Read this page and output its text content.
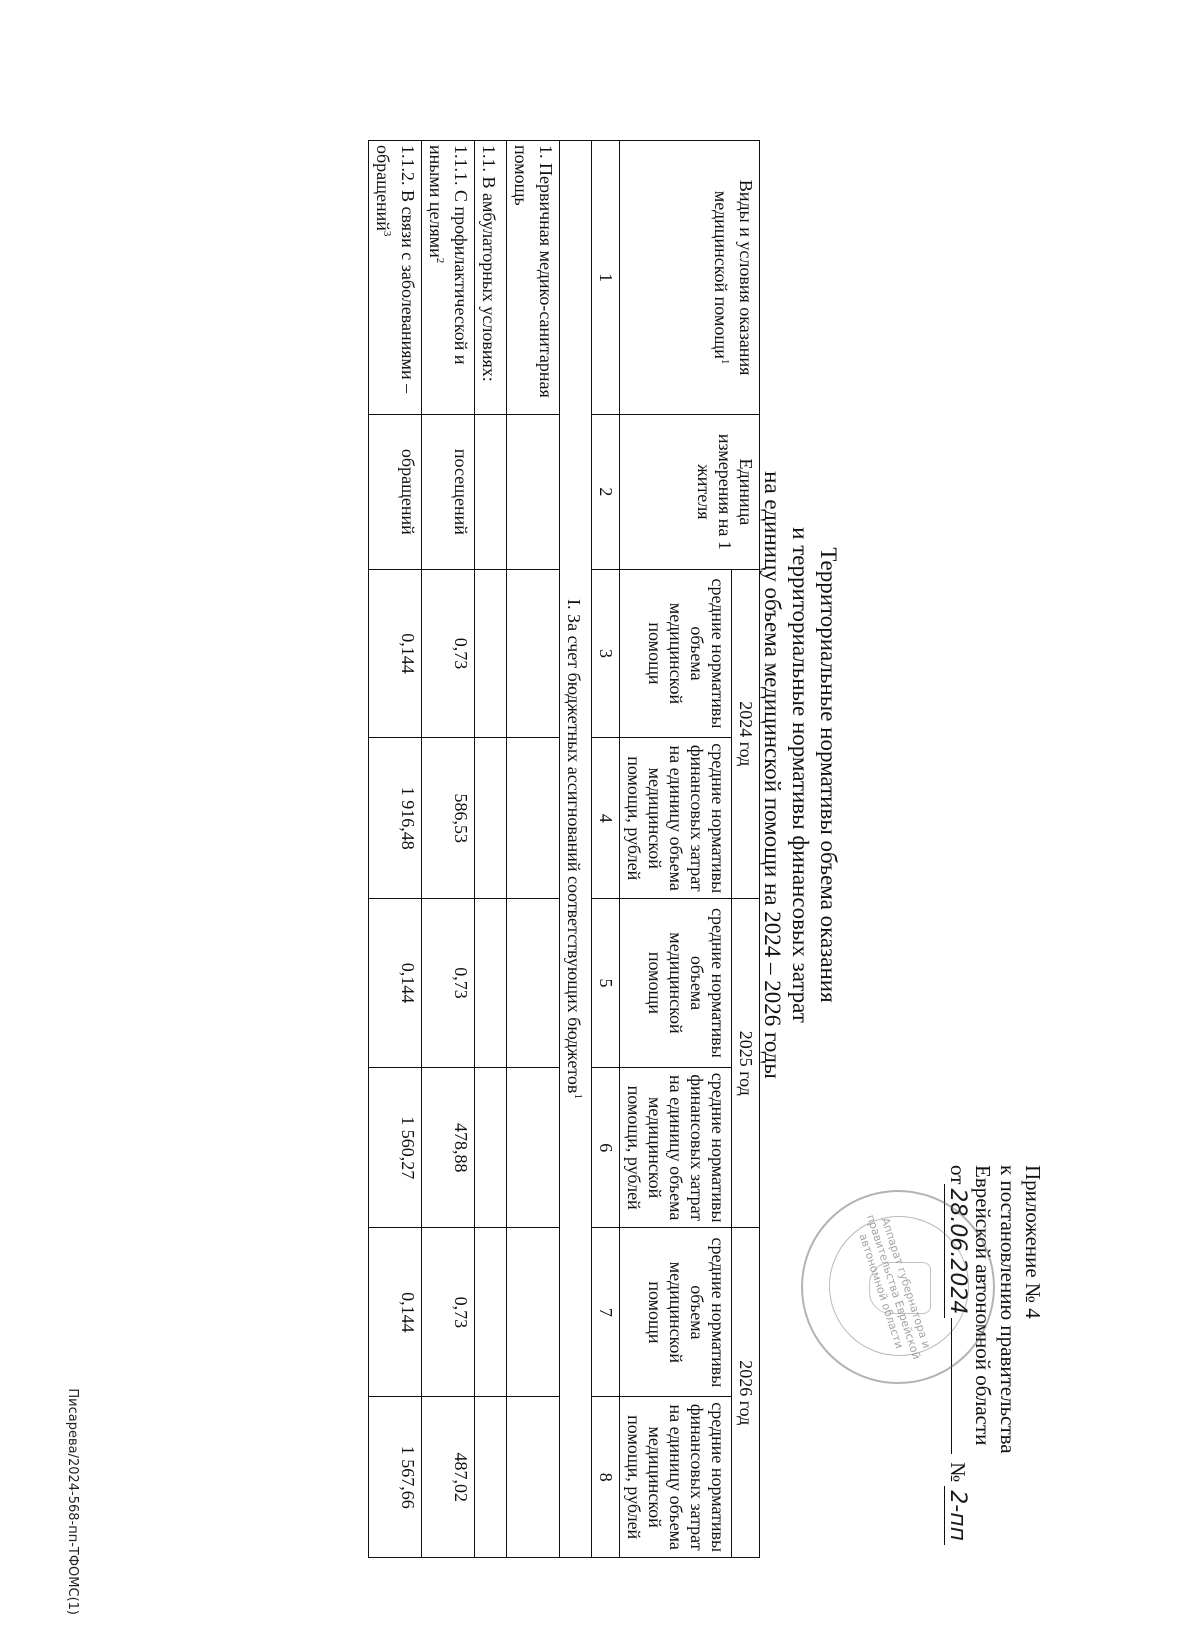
Приложение № 4
к постановлению правительства
Еврейской автономной области
от
28.06.2024
№
2-пп
Аппарат губернатора и правительства Еврейской автономной области
Территориальные нормативы объема оказания
и территориальные нормативы финансовых затрат
на единицу объема медицинской помощи на 2024 – 2026 годы
Виды и условия оказания медицинской помощи$^1$	Единица измерения на 1 жителя	2024 год		2025 год		2026 год	
		средние нормативы объема медицинской помощи	средние нормативы финансовых затрат на единицу объема медицинской помощи, рублей	средние нормативы объема медицинской помощи	средние нормативы финансовых затрат на единицу объема медицинской помощи, рублей	средние нормативы объема медицинской помощи	средние нормативы финансовых затрат на единицу объема медицинской помощи, рублей
1	2	3	4	5	6	7	8
I. За счет бюджетных ассигнований соответствующих бюджетов$^1$
1. Первичная медико-санитарная помощь							
1.1. В амбулаторных условиях:							
1.1.1. С профилактической и иными целями$^2$	посещений	0,73	586,53	0,73	478,88	0,73	487,02
1.1.2. В связи с заболеваниями – обращений$^3$	обращений	0,144	1 916,48	0,144	1 560,27	0,144	1 567,66
Писарева/2024-568-пп-ТФОМС(1)
